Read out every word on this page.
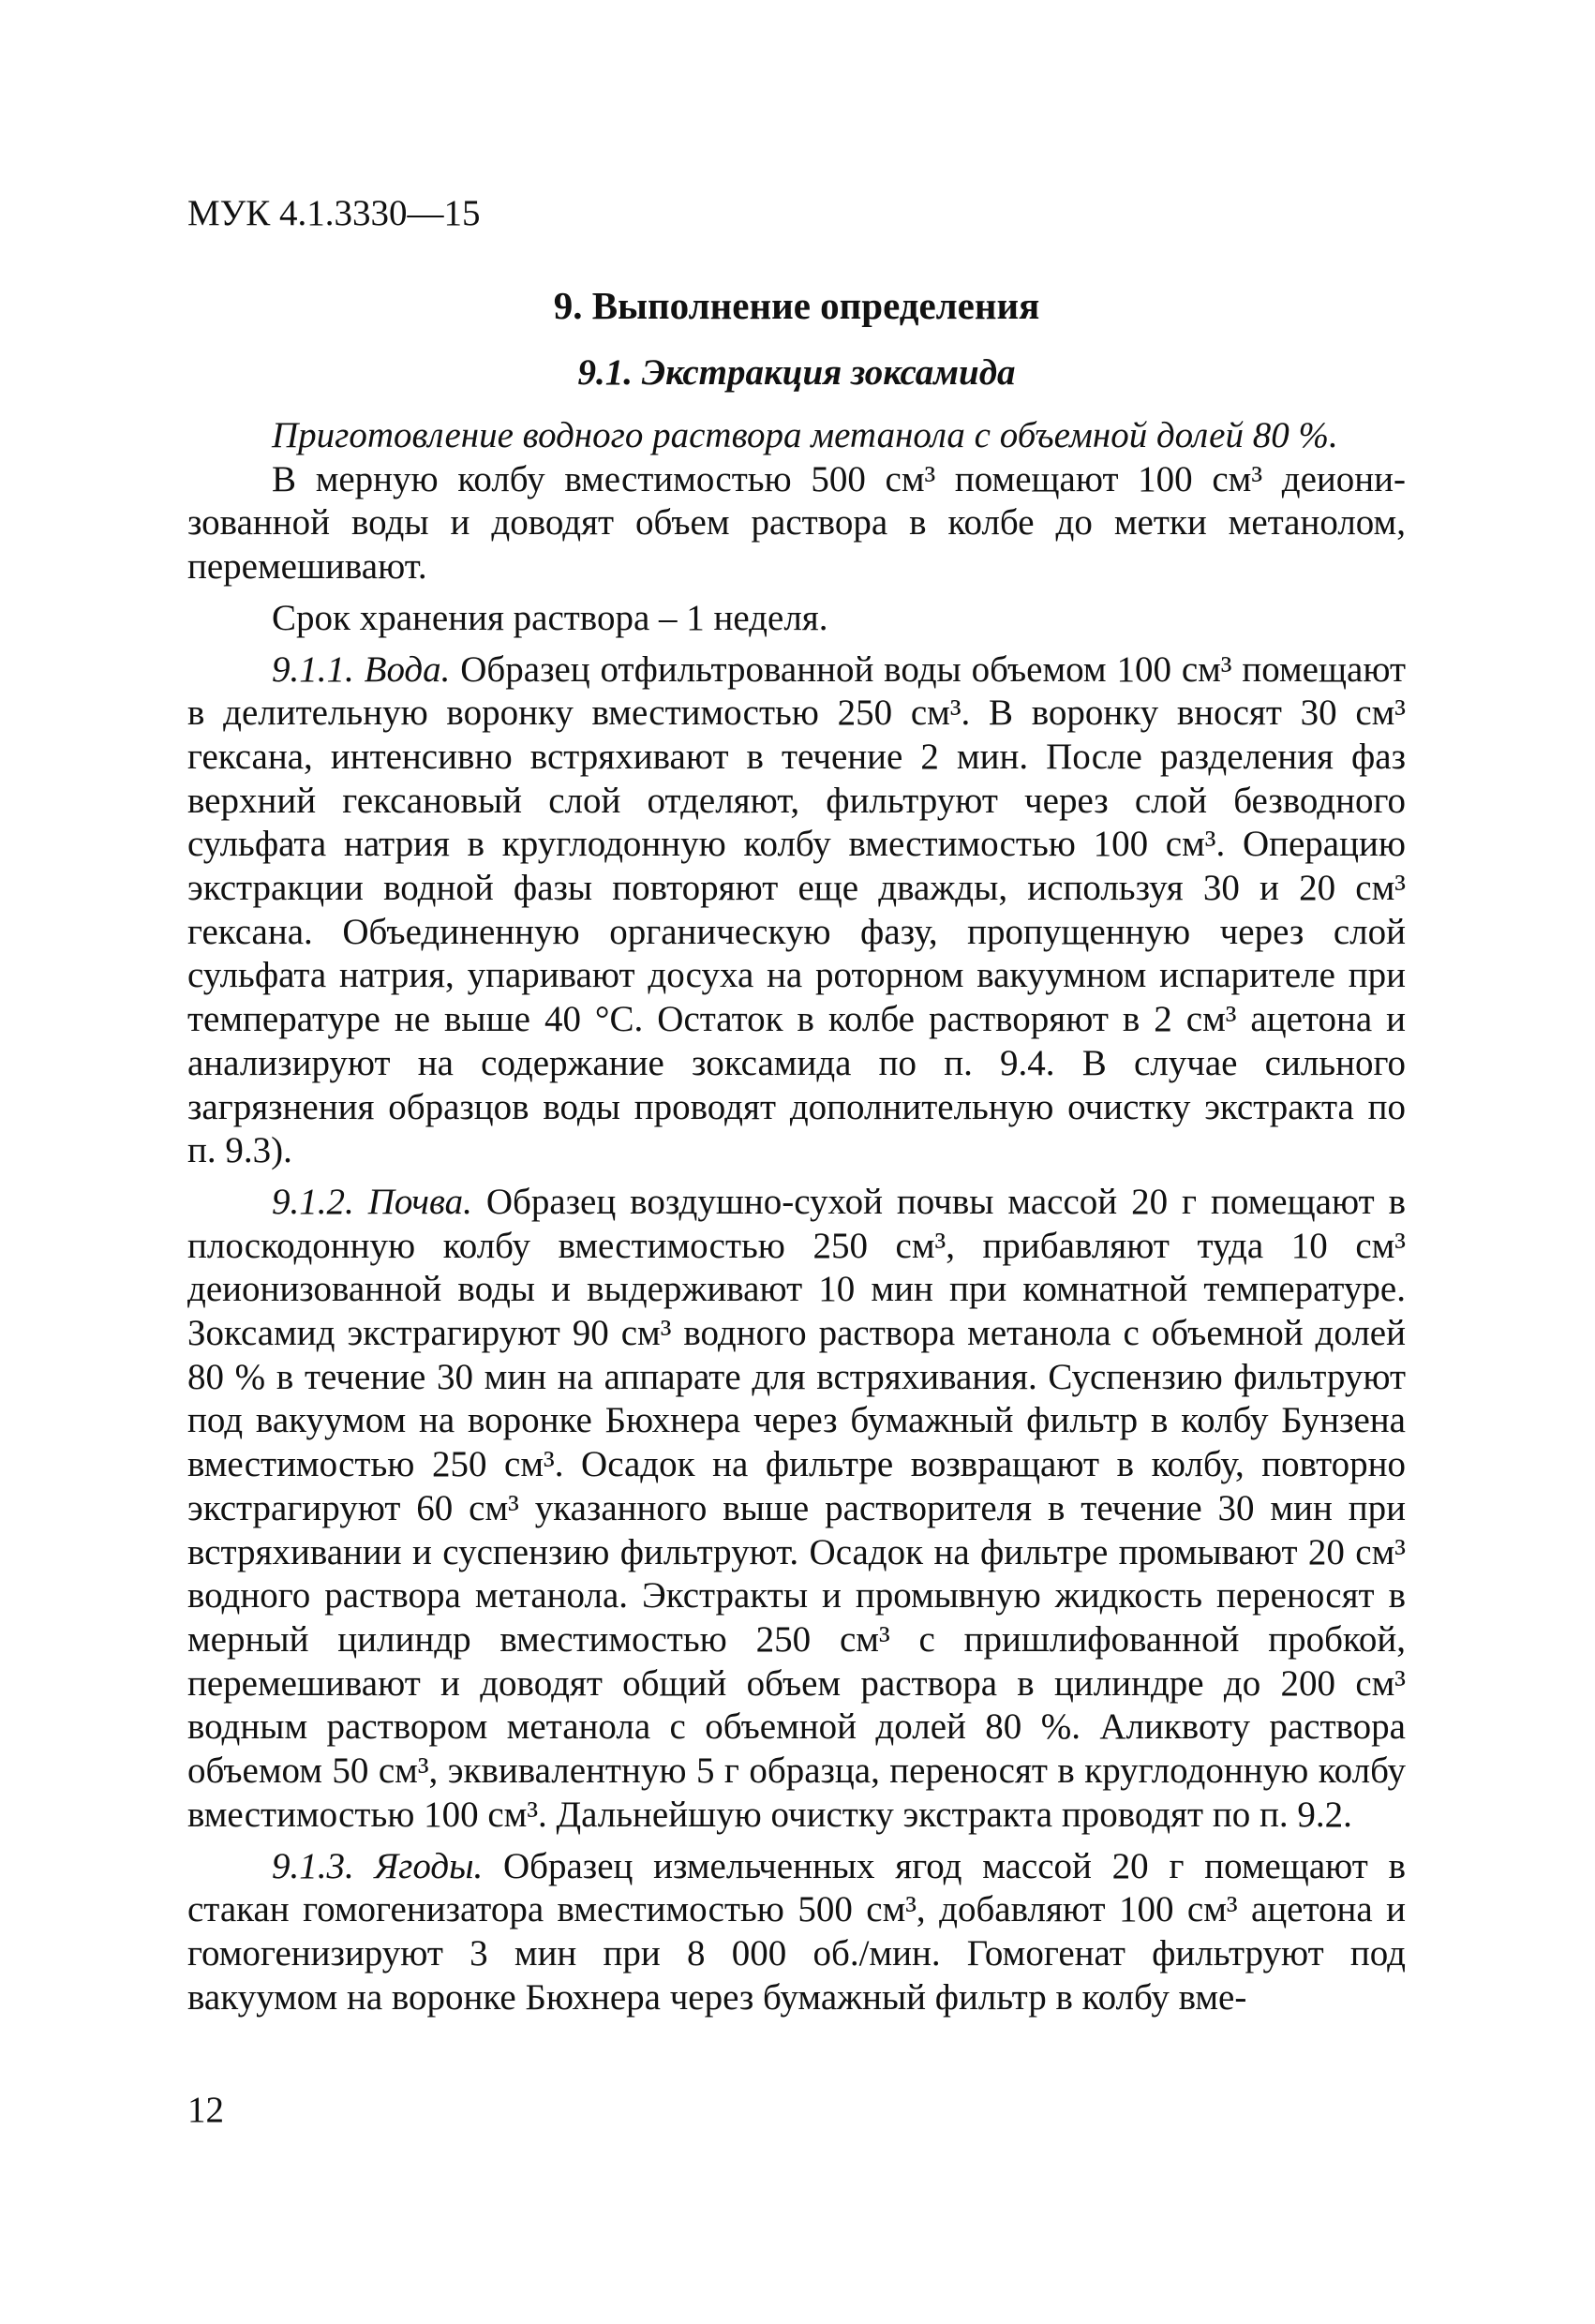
МУК 4.1.3330—15

9. Выполнение определения
9.1. Экстракция зоксамида

Приготовление водного раствора метанола с объемной долей 80 %.

В мерную колбу вместимостью 500 см³ помещают 100 см³ деионизованной воды и доводят объем раствора в колбе до метки метанолом, перемешивают.

Срок хранения раствора – 1 неделя.

9.1.1. Вода. Образец отфильтрованной воды объемом 100 см³ помещают в делительную воронку вместимостью 250 см³. В воронку вносят 30 см³ гексана, интенсивно встряхивают в течение 2 мин. После разделения фаз верхний гексановый слой отделяют, фильтруют через слой безводного сульфата натрия в круглодонную колбу вместимостью 100 см³. Операцию экстракции водной фазы повторяют еще дважды, используя 30 и 20 см³ гексана. Объединенную органическую фазу, пропущенную через слой сульфата натрия, упаривают досуха на роторном вакуумном испарителе при температуре не выше 40 °С. Остаток в колбе растворяют в 2 см³ ацетона и анализируют на содержание зоксамида по п. 9.4. В случае сильного загрязнения образцов воды проводят дополнительную очистку экстракта по п. 9.3).

9.1.2. Почва. Образец воздушно-сухой почвы массой 20 г помещают в плоскодонную колбу вместимостью 250 см³, прибавляют туда 10 см³ деионизованной воды и выдерживают 10 мин при комнатной температуре. Зоксамид экстрагируют 90 см³ водного раствора метанола с объемной долей 80 % в течение 30 мин на аппарате для встряхивания. Суспензию фильтруют под вакуумом на воронке Бюхнера через бумажный фильтр в колбу Бунзена вместимостью 250 см³. Осадок на фильтре возвращают в колбу, повторно экстрагируют 60 см³ указанного выше растворителя в течение 30 мин при встряхивании и суспензию фильтруют. Осадок на фильтре промывают 20 см³ водного раствора метанола. Экстракты и промывную жидкость переносят в мерный цилиндр вместимостью 250 см³ с пришлифованной пробкой, перемешивают и доводят общий объем раствора в цилиндре до 200 см³ водным раствором метанола с объемной долей 80 %. Аликвоту раствора объемом 50 см³, эквивалентную 5 г образца, переносят в круглодонную колбу вместимостью 100 см³. Дальнейшую очистку экстракта проводят по п. 9.2.

9.1.3. Ягоды. Образец измельченных ягод массой 20 г помещают в стакан гомогенизатора вместимостью 500 см³, добавляют 100 см³ ацетона и гомогенизируют 3 мин при 8 000 об./мин. Гомогенат фильтруют под вакуумом на воронке Бюхнера через бумажный фильтр в колбу вме-

12
